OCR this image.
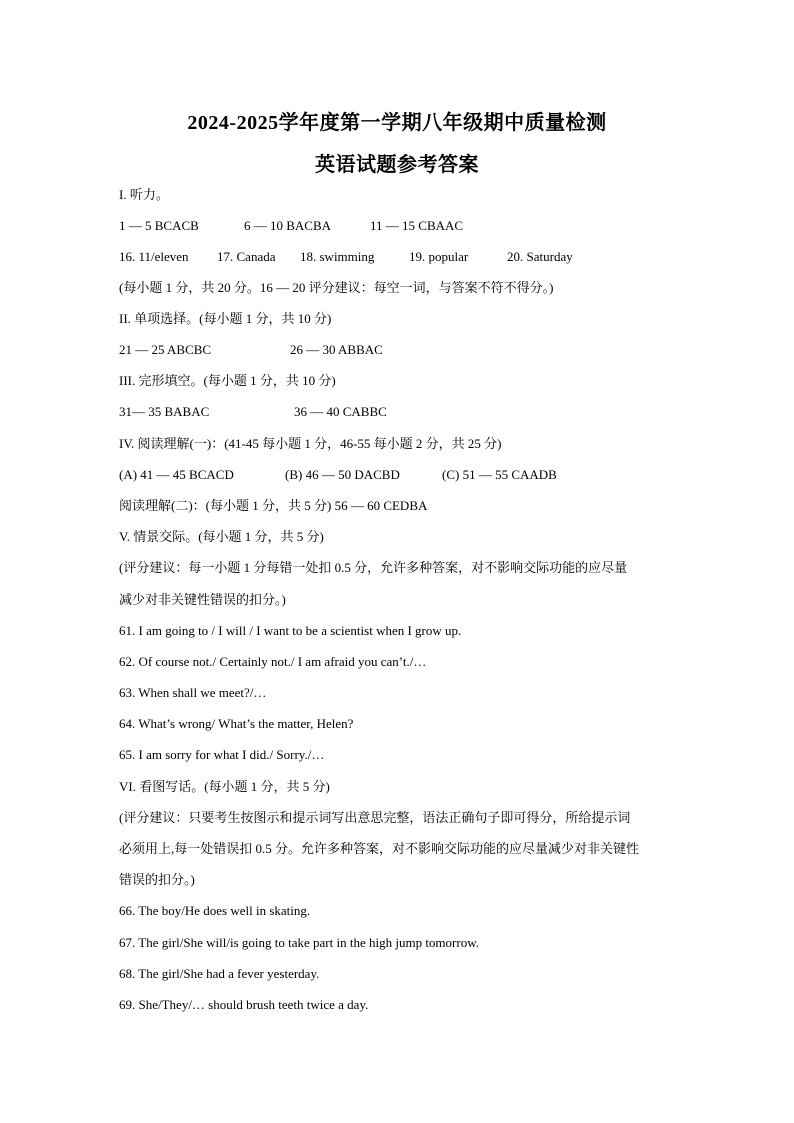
2024-2025学年度第一学期八年级期中质量检测
英语试题参考答案
I. 听力。
1 — 5 BCACB	6 — 10 BACBA	11 — 15 CBAAC
16. 11/eleven 17. Canada 18. swimming	19. popular	20. Saturday
(每小题 1 分，共 20 分。16 — 20 评分建议：每空一词，与答案不符不得分。)
II. 单项选择。(每小题 1 分，共 10 分)
21 — 25 ABCBC	26 — 30 ABBAC
III. 完形填空。(每小题 1 分，共 10 分)
31— 35 BABAC	36 — 40 CABBC
IV. 阅读理解(一)：(41-45 每小题 1 分，46-55 每小题 2 分，共 25 分)
(A) 41 — 45 BCACD	(B) 46 — 50 DACBD	(C) 51 — 55 CAADB
阅读理解(二)：(每小题 1 分，共 5 分) 56 — 60 CEDBA
V. 情景交际。(每小题 1 分，共 5 分)
(评分建议：每一小题 1 分每错一处扣 0.5 分，允许多种答案，对不影响交际功能的应尽量
减少对非关键性错误的扣分。)
61. I am going to / I will / I want to be a scientist when I grow up.
62. Of course not./ Certainly not./ I am afraid you can’t./…
63. When shall we meet?/…
64. What’s wrong/ What’s the matter, Helen?
65. I am sorry for what I did./ Sorry./…
VI. 看图写话。(每小题 1 分，共 5 分)
(评分建议：只要考生按图示和提示词写出意思完整，语法正确句子即可得分，所给提示词
必须用上,每一处错误扣 0.5 分。允许多种答案，对不影响交际功能的应尽量减少对非关键性
错误的扣分。)
66. The boy/He does well in skating.
67. The girl/She will/is going to take part in the high jump tomorrow.
68. The girl/She had a fever yesterday.
69. She/They/… should brush teeth twice a day.
